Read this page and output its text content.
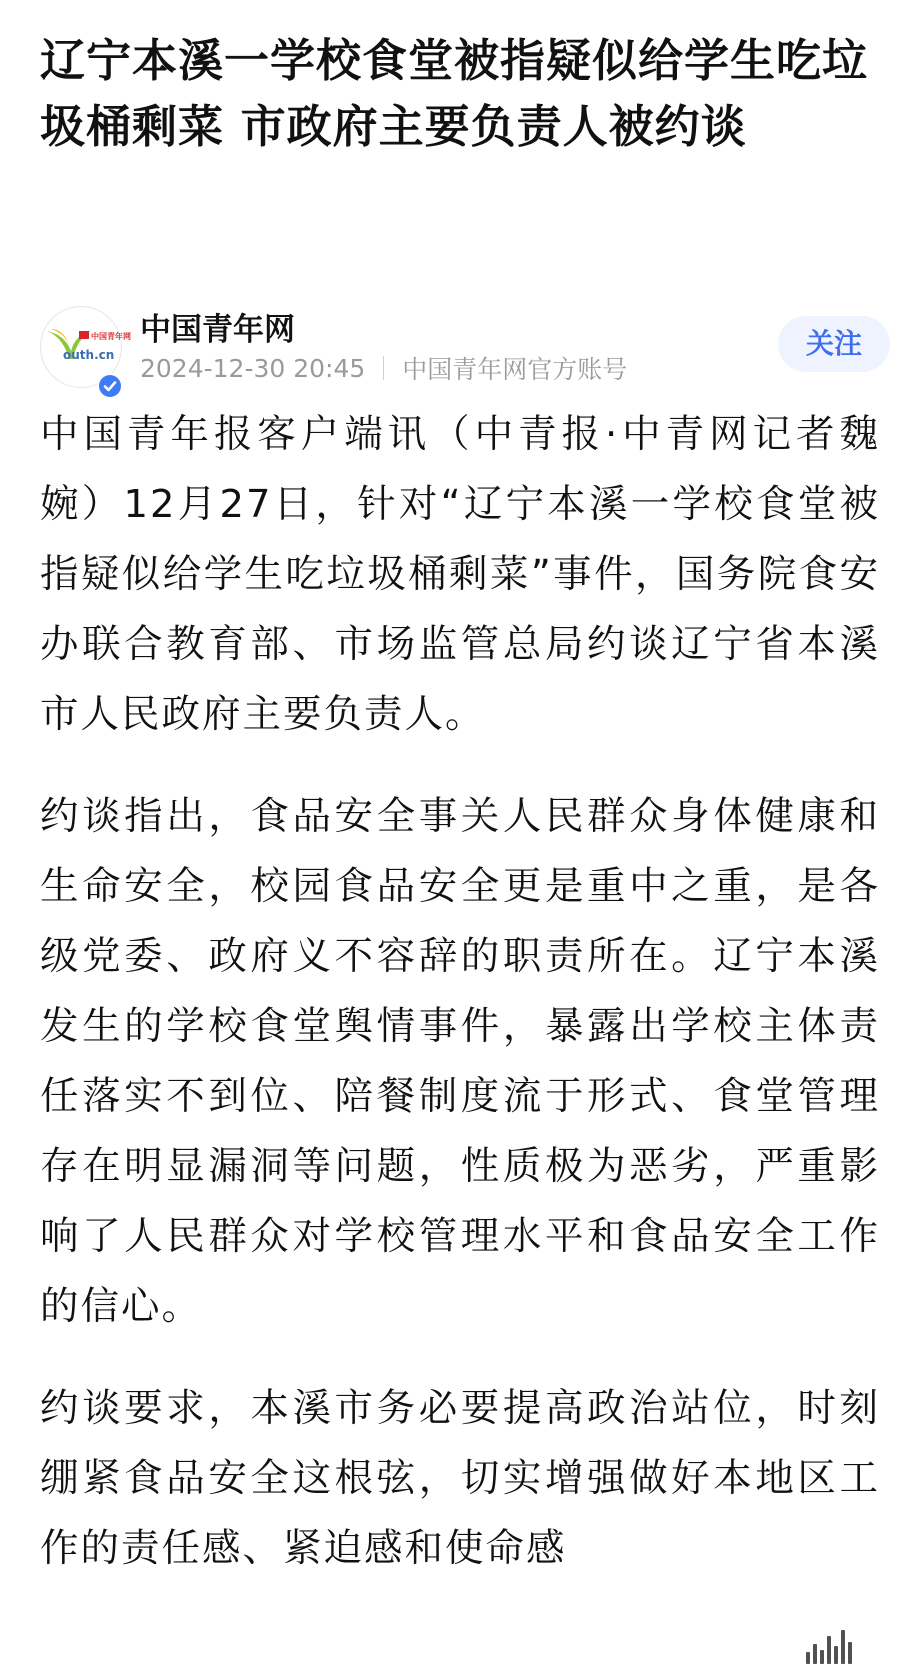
辽宁本溪一学校食堂被指疑似给学生吃垃圾桶剩菜 市政府主要负责人被约谈
中国青年网
outh.cn
中国青年网
2024-12-30 20:45 中国青年网官方账号
关注

中国青年报客户端讯（中青报·中青网记者魏婉）12月27日，针对“辽宁本溪一学校食堂被指疑似给学生吃垃圾桶剩菜”事件，国务院食安办联合教育部、市场监管总局约谈辽宁省本溪市人民政府主要负责人。

约谈指出，食品安全事关人民群众身体健康和生命安全，校园食品安全更是重中之重，是各级党委、政府义不容辞的职责所在。辽宁本溪发生的学校食堂舆情事件，暴露出学校主体责任落实不到位、陪餐制度流于形式、食堂管理存在明显漏洞等问题，性质极为恶劣，严重影响了人民群众对学校管理水平和食品安全工作的信心。

约谈要求，本溪市务必要提高政治站位，时刻绷紧食品安全这根弦，切实增强做好本地区工作的责任感、紧迫感和使命感
